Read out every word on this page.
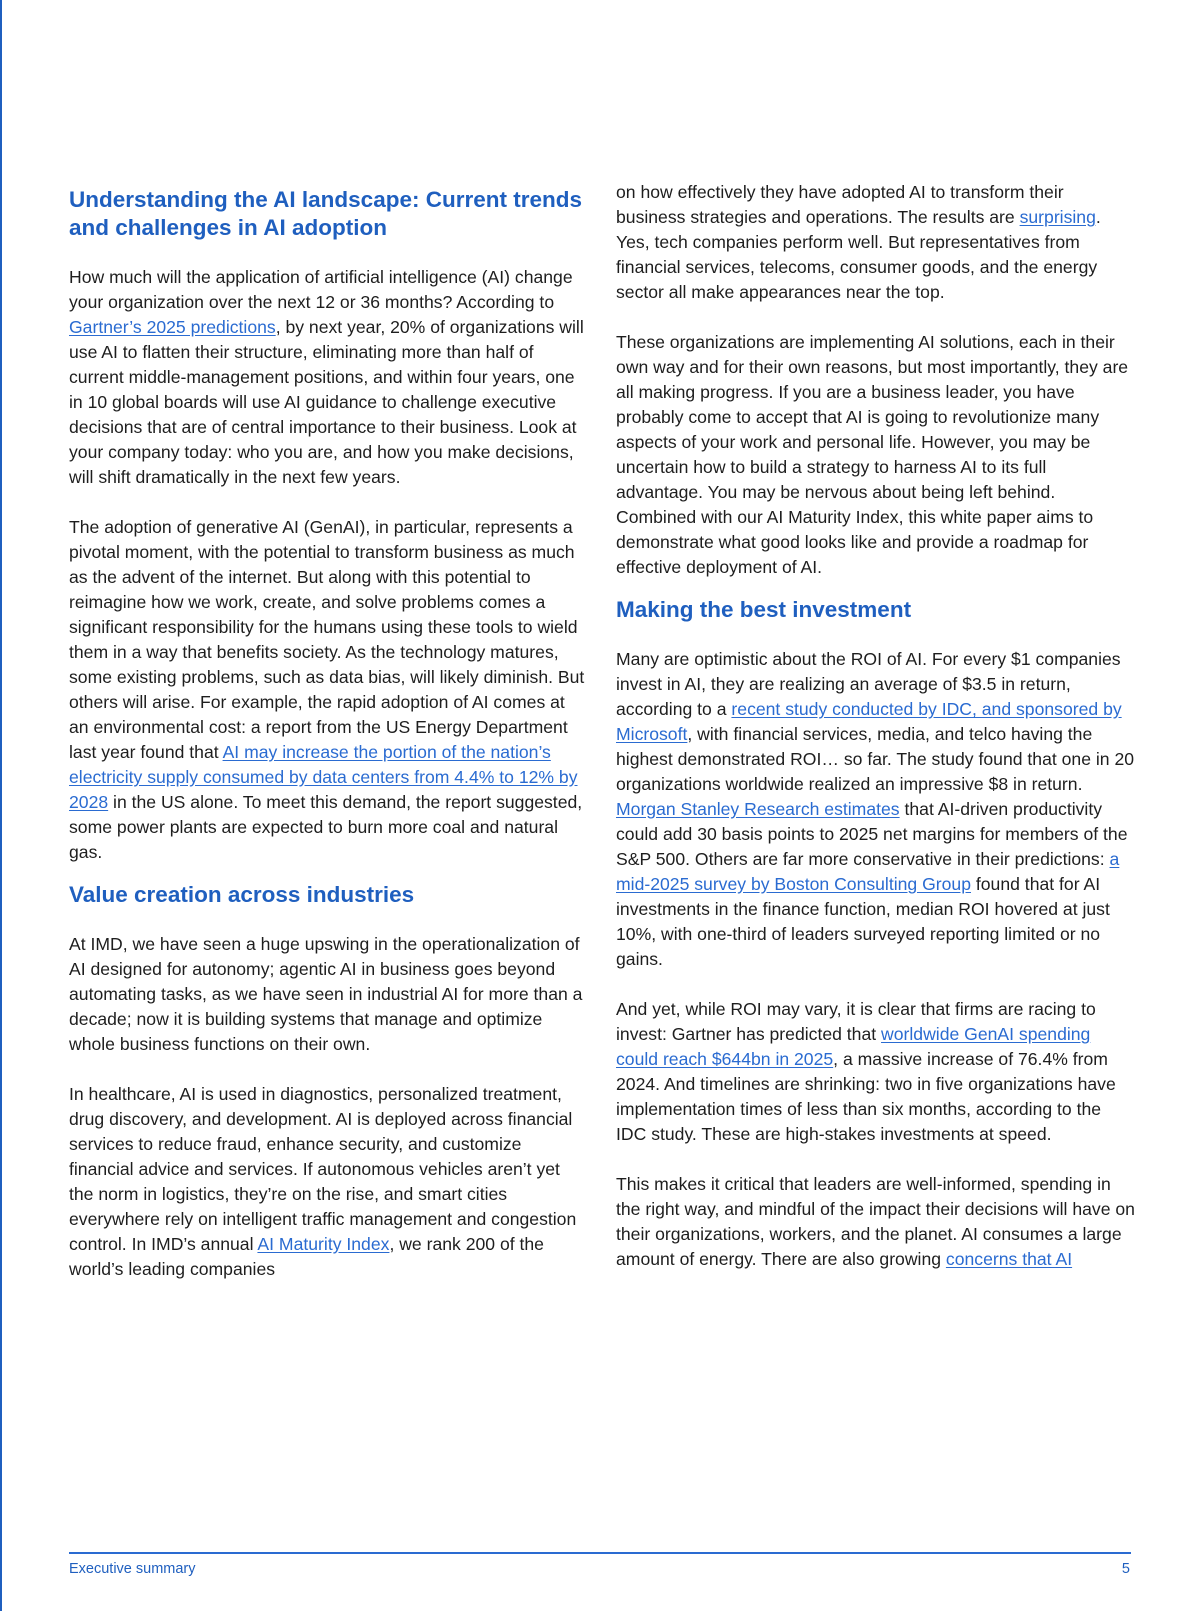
Understanding the AI landscape: Current trends and challenges in AI adoption

How much will the application of artificial intelligence (AI) change your organization over the next 12 or 36 months? According to Gartner’s 2025 predictions, by next year, 20% of organizations will use AI to flatten their structure, eliminating more than half of current middle-management positions, and within four years, one in 10 global boards will use AI guidance to challenge executive decisions that are of central importance to their business. Look at your company today: who you are, and how you make decisions, will shift dramatically in the next few years.

The adoption of generative AI (GenAI), in particular, represents a pivotal moment, with the potential to transform business as much as the advent of the internet. But along with this potential to reimagine how we work, create, and solve problems comes a significant responsibility for the humans using these tools to wield them in a way that benefits society. As the technology matures, some existing problems, such as data bias, will likely diminish. But others will arise. For example, the rapid adoption of AI comes at an environmental cost: a report from the US Energy Department last year found that AI may increase the portion of the nation’s electricity supply consumed by data centers from 4.4% to 12% by 2028 in the US alone. To meet this demand, the report suggested, some power plants are expected to burn more coal and natural gas.

Value creation across industries

At IMD, we have seen a huge upswing in the operationalization of AI designed for autonomy; agentic AI in business goes beyond automating tasks, as we have seen in industrial AI for more than a decade; now it is building systems that manage and optimize whole business functions on their own.

In healthcare, AI is used in diagnostics, personalized treatment, drug discovery, and development. AI is deployed across financial services to reduce fraud, enhance security, and customize financial advice and services. If autonomous vehicles aren’t yet the norm in logistics, they’re on the rise, and smart cities everywhere rely on intelligent traffic management and congestion control. In IMD’s annual AI Maturity Index, we rank 200 of the world’s leading companies

on how effectively they have adopted AI to transform their business strategies and operations. The results are surprising. Yes, tech companies perform well. But representatives from financial services, telecoms, consumer goods, and the energy sector all make appearances near the top.

These organizations are implementing AI solutions, each in their own way and for their own reasons, but most importantly, they are all making progress. If you are a business leader, you have probably come to accept that AI is going to revolutionize many aspects of your work and personal life. However, you may be uncertain how to build a strategy to harness AI to its full advantage. You may be nervous about being left behind. Combined with our AI Maturity Index, this white paper aims to demonstrate what good looks like and provide a roadmap for effective deployment of AI.

Making the best investment

Many are optimistic about the ROI of AI. For every $1 companies invest in AI, they are realizing an average of $3.5 in return, according to a recent study conducted by IDC, and sponsored by Microsoft, with financial services, media, and telco having the highest demonstrated ROI… so far. The study found that one in 20 organizations worldwide realized an impressive $8 in return. Morgan Stanley Research estimates that AI-driven productivity could add 30 basis points to 2025 net margins for members of the S&P 500. Others are far more conservative in their predictions: a mid-2025 survey by Boston Consulting Group found that for AI investments in the finance function, median ROI hovered at just 10%, with one-third of leaders surveyed reporting limited or no gains.

And yet, while ROI may vary, it is clear that firms are racing to invest: Gartner has predicted that worldwide GenAI spending could reach $644bn in 2025, a massive increase of 76.4% from 2024. And timelines are shrinking: two in five organizations have implementation times of less than six months, according to the IDC study. These are high-stakes investments at speed.

This makes it critical that leaders are well-informed, spending in the right way, and mindful of the impact their decisions will have on their organizations, workers, and the planet. AI consumes a large amount of energy. There are also growing concerns that AI

Executive summary	5
